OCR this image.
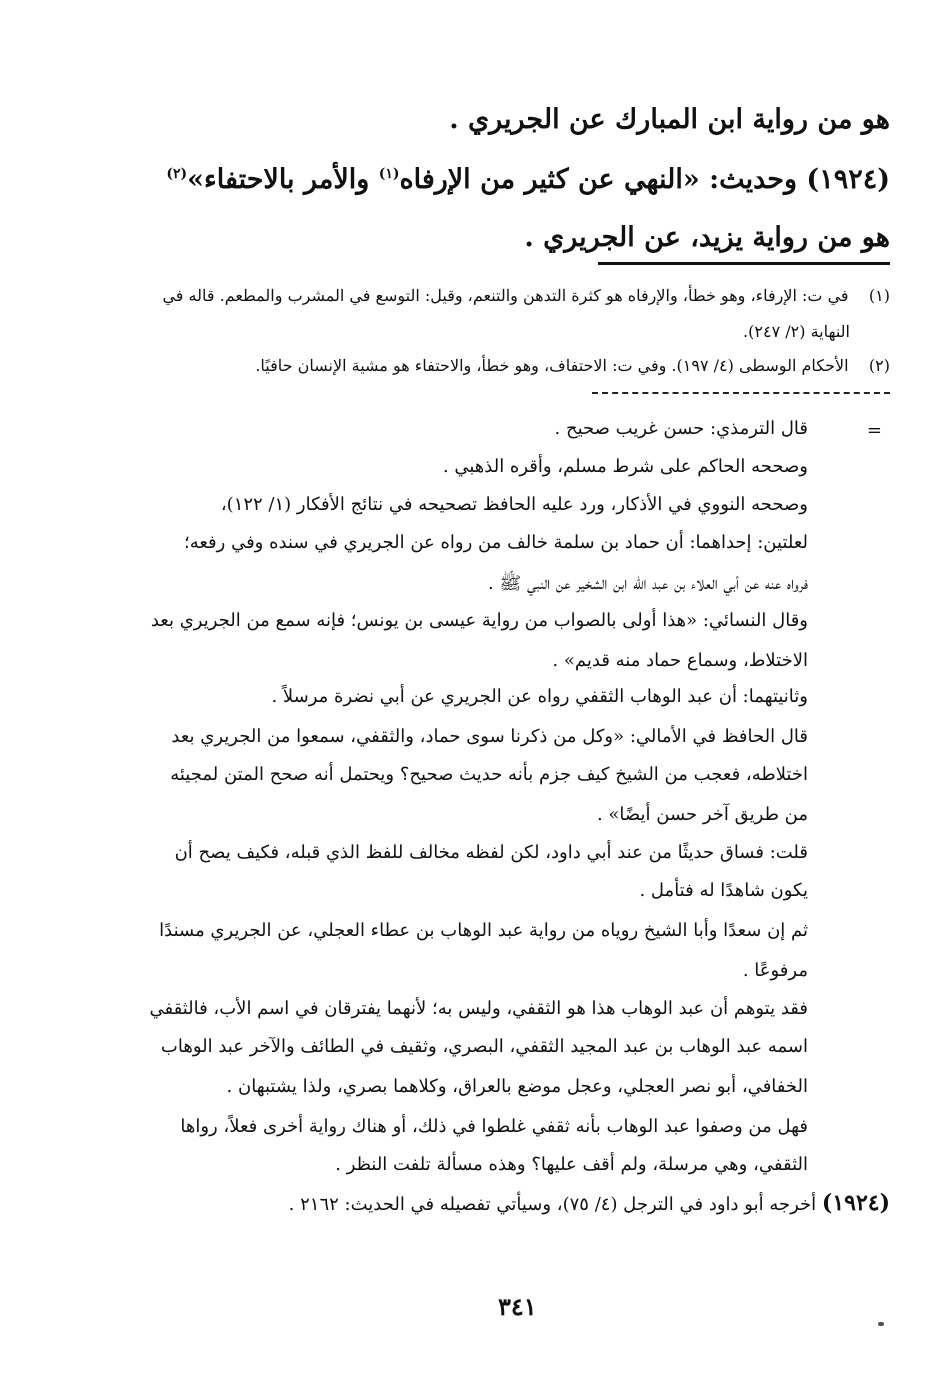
هو من رواية ابن المبارك عن الجريري .
(١٩٢٤) وحديث: «النهي عن كثير من الإرفاه$^{(١)}$ والأمر بالاحتفاء»$^{(٢)}$
هو من رواية يزيد، عن الجريري .
(١)    في ت: الإرفاء، وهو خطأ، والإرفاه هو كثرة التدهن والتنعم، وقيل: التوسع في المشرب والمطعم. قاله في
النهاية (٢/ ٢٤٧).
(٢)    الأحكام الوسطى (٤/ ١٩٧). وفي ت: الاحتفاف، وهو خطأ، والاحتفاء هو مشية الإنسان حافيًا.
=
قال الترمذي: حسن غريب صحيح .
وصححه الحاكم على شرط مسلم، وأقره الذهبي .
وصححه النووي في الأذكار، ورد عليه الحافظ تصحيحه في نتائج الأفكار (١/ ١٢٢)،
لعلتين: إحداهما: أن حماد بن سلمة خالف من رواه عن الجريري في سنده وفي رفعه؛
فرواه عنه عن أبي العلاء بن عبد الله ابن الشخير عن النبي ﷺ .
وقال النسائي: «هذا أولى بالصواب من رواية عيسى بن يونس؛ فإنه سمع من الجريري بعد
الاختلاط، وسماع حماد منه قديم» .
وثانيتهما: أن عبد الوهاب الثقفي رواه عن الجريري عن أبي نضرة مرسلاً .
قال الحافظ في الأمالي: «وكل من ذكرنا سوى حماد، والثقفي، سمعوا من الجريري بعد
اختلاطه، فعجب من الشيخ كيف جزم بأنه حديث صحيح؟ ويحتمل أنه صحح المتن لمجيئه
من طريق آخر حسن أيضًا» .
قلت: فساق حديثًا من عند أبي داود، لكن لفظه مخالف للفظ الذي قبله، فكيف يصح أن
يكون شاهدًا له فتأمل .
ثم إن سعدًا وأبا الشيخ روياه من رواية عبد الوهاب بن عطاء العجلي، عن الجريري مسندًا
مرفوعًا .
فقد يتوهم أن عبد الوهاب هذا هو الثقفي، وليس به؛ لأنهما يفترقان في اسم الأب، فالثقفي
اسمه عبد الوهاب بن عبد المجيد الثقفي، البصري، وثقيف في الطائف والآخر عبد الوهاب
الخفافي، أبو نصر العجلي، وعجل موضع بالعراق، وكلاهما بصري، ولذا يشتبهان .
فهل من وصفوا عبد الوهاب بأنه ثقفي غلطوا في ذلك، أو هناك رواية أخرى فعلاً، رواها
الثقفي، وهي مرسلة، ولم أقف عليها؟ وهذه مسألة تلفت النظر .
(١٩٢٤) أخرجه أبو داود في الترجل (٤/ ٧٥)، وسيأتي تفصيله في الحديث: ٢١٦٢ .
٣٤١
